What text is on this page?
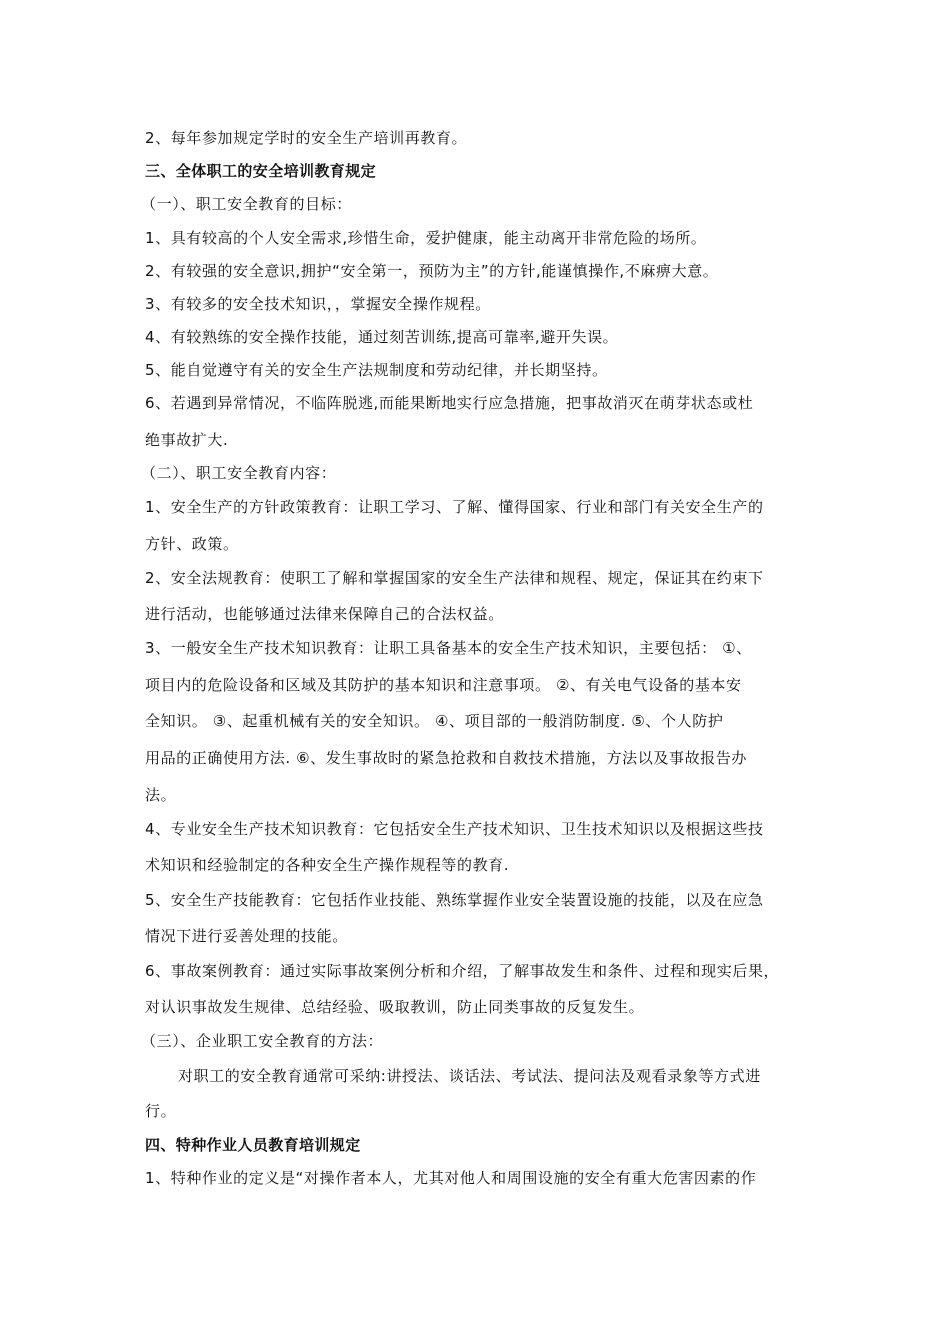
2、每年参加规定学时的安全生产培训再教育。
三、全体职工的安全培训教育规定
（一）、职工安全教育的目标：
1、具有较高的个人安全需求,珍惜生命，爱护健康，能主动离开非常危险的场所。
2、有较强的安全意识,拥护“安全第一，预防为主”的方针,能谨慎操作,不麻痹大意。
3、有较多的安全技术知识，，掌握安全操作规程。
4、有较熟练的安全操作技能，通过刻苦训练,提高可靠率,避开失误。
5、能自觉遵守有关的安全生产法规制度和劳动纪律，并长期坚持。
6、若遇到异常情况，不临阵脱逃,而能果断地实行应急措施，把事故消灭在萌芽状态或杜
绝事故扩大.
（二）、职工安全教育内容：
1、安全生产的方针政策教育：让职工学习、了解、懂得国家、行业和部门有关安全生产的
方针、政策。
2、安全法规教育：使职工了解和掌握国家的安全生产法律和规程、规定，保证其在约束下
进行活动，也能够通过法律来保障自己的合法权益。
3、一般安全生产技术知识教育：让职工具备基本的安全生产技术知识，主要包括： ①、
项目内的危险设备和区域及其防护的基本知识和注意事项。 ②、有关电气设备的基本安
全知识。 ③、起重机械有关的安全知识。 ④、项目部的一般消防制度. ⑤、个人防护
用品的正确使用方法. ⑥、发生事故时的紧急抢救和自救技术措施，方法以及事故报告办
法。
4、专业安全生产技术知识教育：它包括安全生产技术知识、卫生技术知识以及根据这些技
术知识和经验制定的各种安全生产操作规程等的教育.
5、安全生产技能教育：它包括作业技能、熟练掌握作业安全装置设施的技能，以及在应急
情况下进行妥善处理的技能。
6、事故案例教育：通过实际事故案例分析和介绍，了解事故发生和条件、过程和现实后果，
对认识事故发生规律、总结经验、吸取教训，防止同类事故的反复发生。
（三）、企业职工安全教育的方法：
对职工的安全教育通常可采纳:讲授法、谈话法、考试法、提问法及观看录象等方式进
行。
四、特种作业人员教育培训规定
1、特种作业的定义是“对操作者本人，尤其对他人和周围设施的安全有重大危害因素的作
